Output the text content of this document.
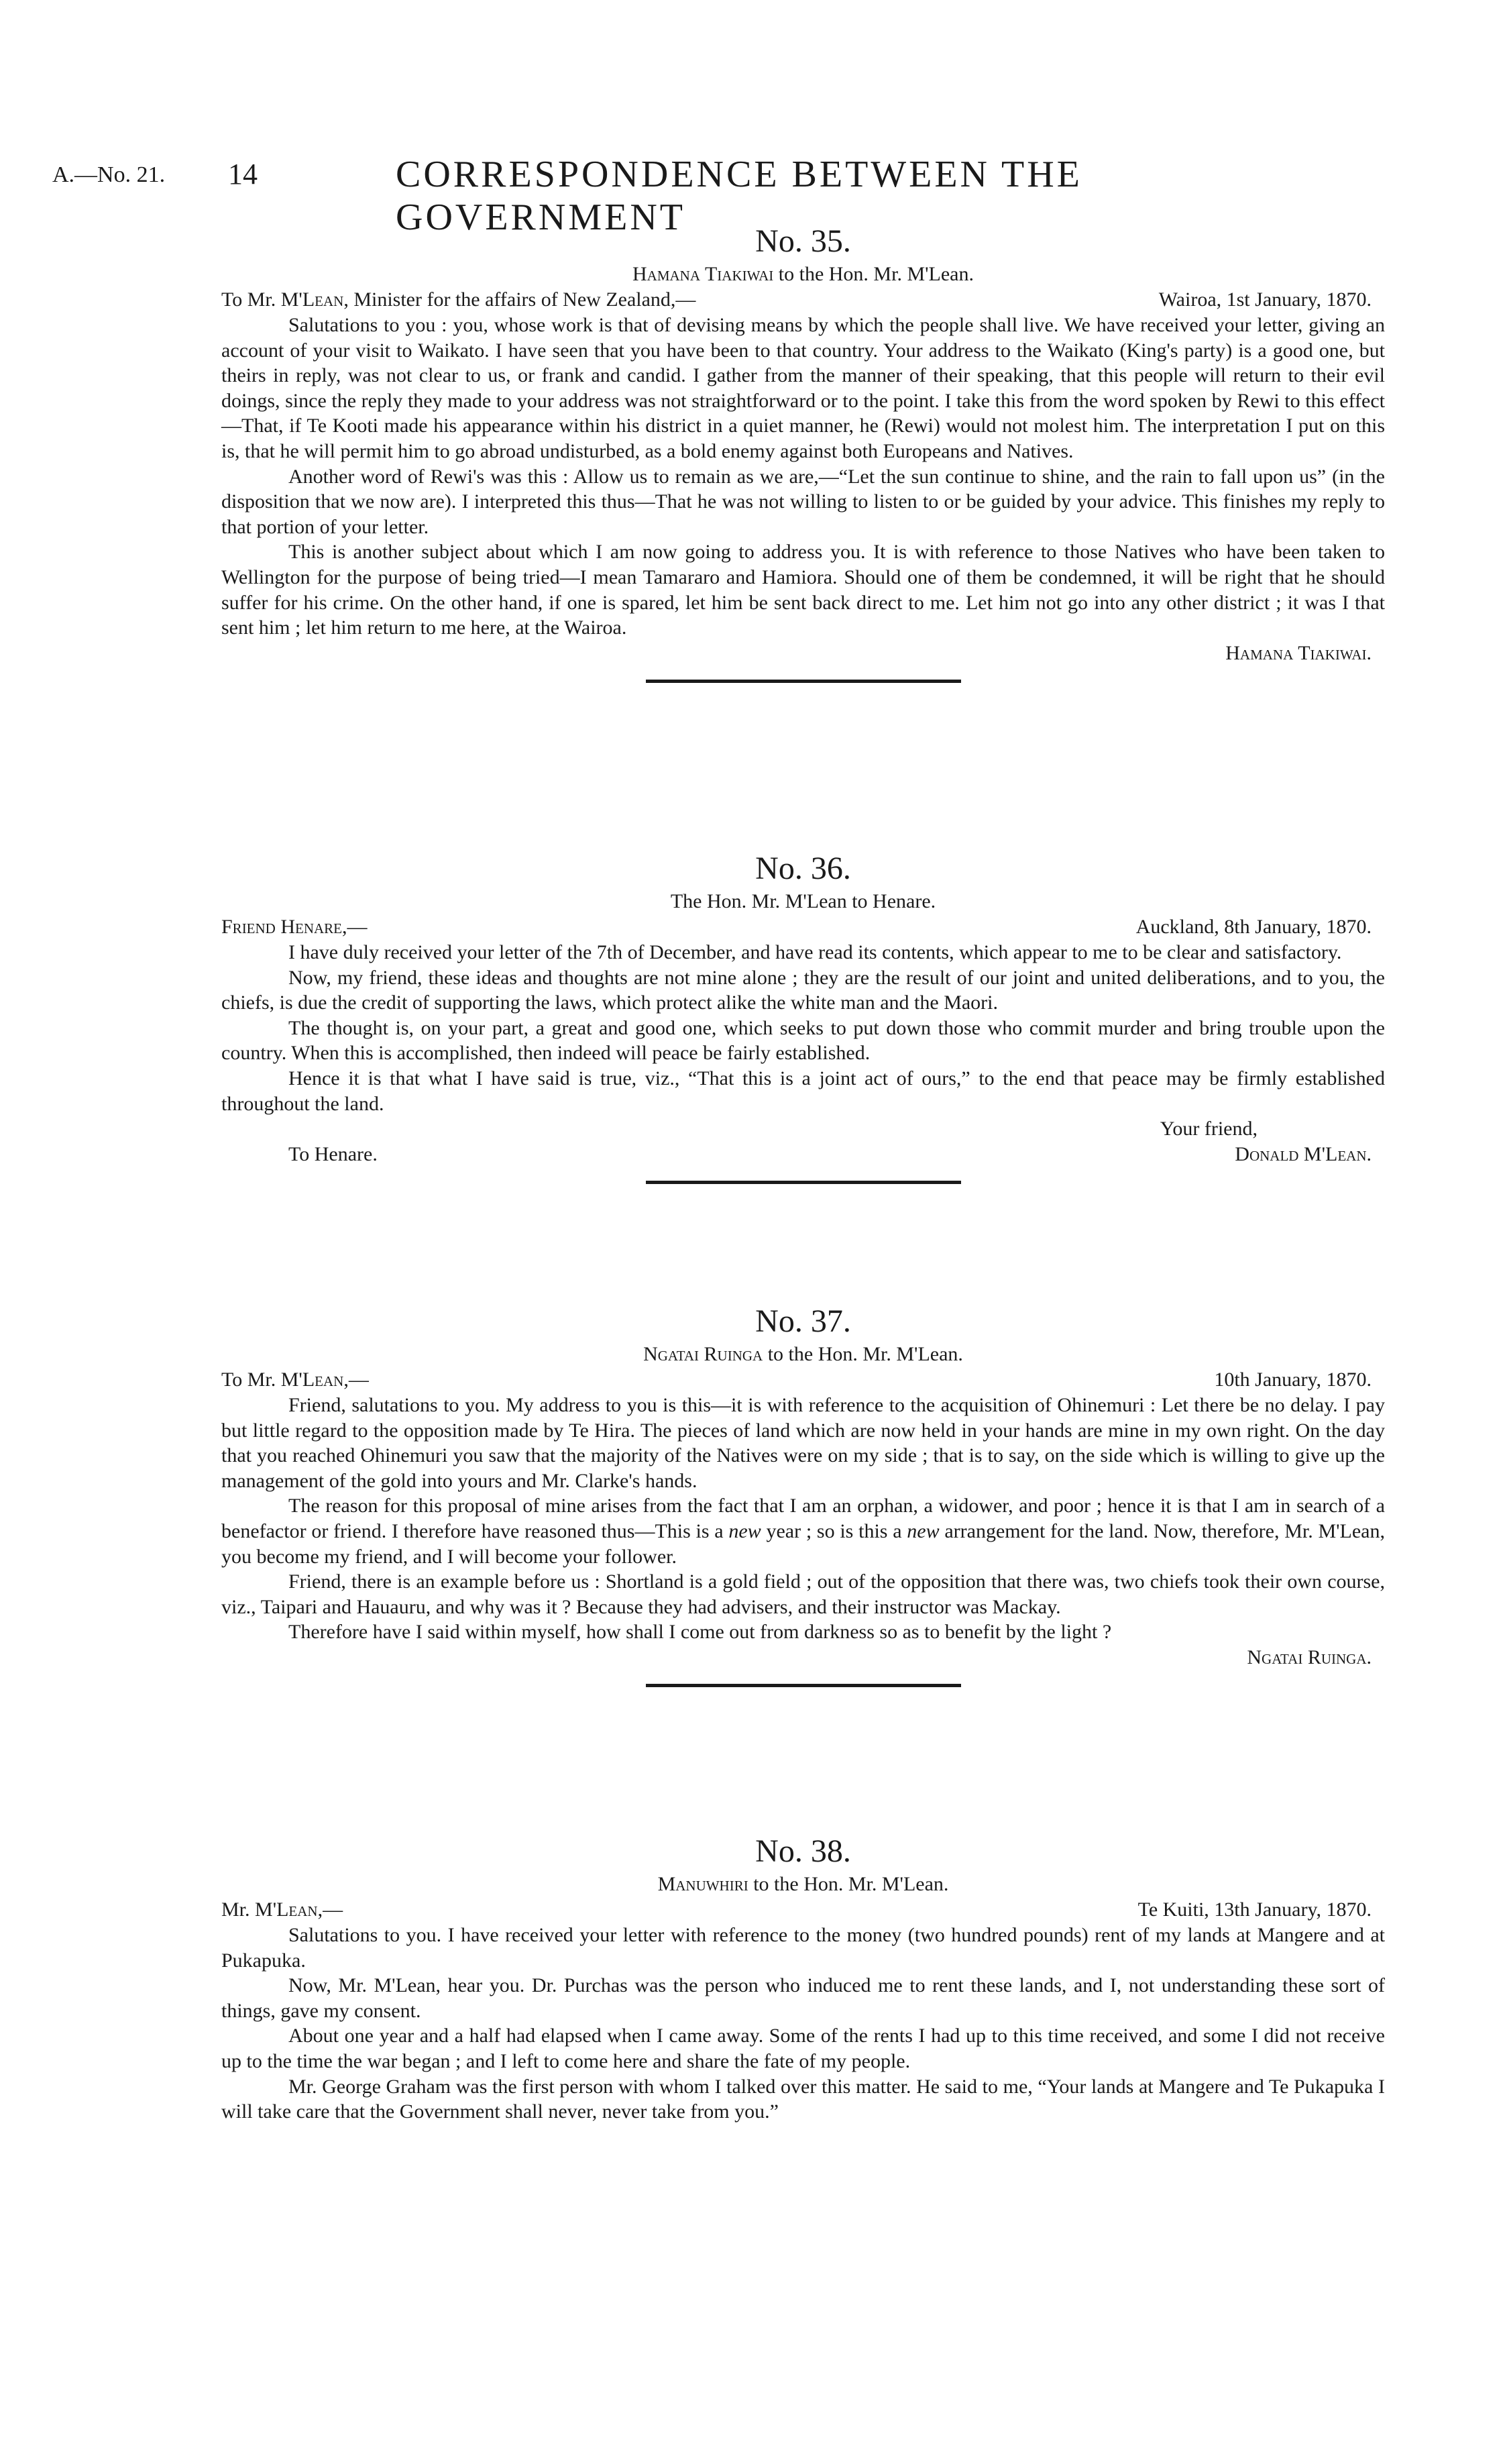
A.—No. 21. 14	CORRESPONDENCE BETWEEN THE GOVERNMENT
No. 35.
Hamana Tiakiwai to the Hon. Mr. M'Lean.
To Mr. M'Lean, Minister for the affairs of New Zealand,—	Wairoa, 1st January, 1870.

Salutations to you : you, whose work is that of devising means by which the people shall live. We have received your letter, giving an account of your visit to Waikato. I have seen that you have been to that country. Your address to the Waikato (King's party) is a good one, but theirs in reply, was not clear to us, or frank and candid. I gather from the manner of their speaking, that this people will return to their evil doings, since the reply they made to your address was not straightforward or to the point. I take this from the word spoken by Rewi to this effect—That, if Te Kooti made his appearance within his district in a quiet manner, he (Rewi) would not molest him. The interpretation I put on this is, that he will permit him to go abroad undisturbed, as a bold enemy against both Europeans and Natives.

Another word of Rewi's was this : Allow us to remain as we are,—“Let the sun continue to shine, and the rain to fall upon us” (in the disposition that we now are). I interpreted this thus—That he was not willing to listen to or be guided by your advice. This finishes my reply to that portion of your letter.

This is another subject about which I am now going to address you. It is with reference to those Natives who have been taken to Wellington for the purpose of being tried—I mean Tamararo and Hamiora. Should one of them be condemned, it will be right that he should suffer for his crime. On the other hand, if one is spared, let him be sent back direct to me. Let him not go into any other district ; it was I that sent him ; let him return to me here, at the Wairoa.

Hamana Tiakiwai.
No. 36.
The Hon. Mr. M'Lean to Henare.
Friend Henare,—	Auckland, 8th January, 1870.

I have duly received your letter of the 7th of December, and have read its contents, which appear to me to be clear and satisfactory.

Now, my friend, these ideas and thoughts are not mine alone ; they are the result of our joint and united deliberations, and to you, the chiefs, is due the credit of supporting the laws, which protect alike the white man and the Maori.

The thought is, on your part, a great and good one, which seeks to put down those who commit murder and bring trouble upon the country. When this is accomplished, then indeed will peace be fairly established.

Hence it is that what I have said is true, viz., “That this is a joint act of ours,” to the end that peace may be firmly established throughout the land.

Your friend,
To Henare.	Donald M'Lean.
No. 37.
Ngatai Ruinga to the Hon. Mr. M'Lean.
To Mr. M'Lean,—	10th January, 1870.

Friend, salutations to you. My address to you is this—it is with reference to the acquisition of Ohinemuri : Let there be no delay. I pay but little regard to the opposition made by Te Hira. The pieces of land which are now held in your hands are mine in my own right. On the day that you reached Ohinemuri you saw that the majority of the Natives were on my side ; that is to say, on the side which is willing to give up the management of the gold into yours and Mr. Clarke's hands.

The reason for this proposal of mine arises from the fact that I am an orphan, a widower, and poor ; hence it is that I am in search of a benefactor or friend. I therefore have reasoned thus—This is a new year ; so is this a new arrangement for the land. Now, therefore, Mr. M'Lean, you become my friend, and I will become your follower.

Friend, there is an example before us : Shortland is a gold field ; out of the opposition that there was, two chiefs took their own course, viz., Taipari and Hauauru, and why was it ? Because they had advisers, and their instructor was Mackay.

Therefore have I said within myself, how shall I come out from darkness so as to benefit by the light ?

Ngatai Ruinga.
No. 38.
Manuwhiri to the Hon. Mr. M'Lean.
Mr. M'Lean,—	Te Kuiti, 13th January, 1870.

Salutations to you. I have received your letter with reference to the money (two hundred pounds) rent of my lands at Mangere and at Pukapuka.

Now, Mr. M'Lean, hear you. Dr. Purchas was the person who induced me to rent these lands, and I, not understanding these sort of things, gave my consent.

About one year and a half had elapsed when I came away. Some of the rents I had up to this time received, and some I did not receive up to the time the war began ; and I left to come here and share the fate of my people.

Mr. George Graham was the first person with whom I talked over this matter. He said to me, “Your lands at Mangere and Te Pukapuka I will take care that the Government shall never, never take from you.”
